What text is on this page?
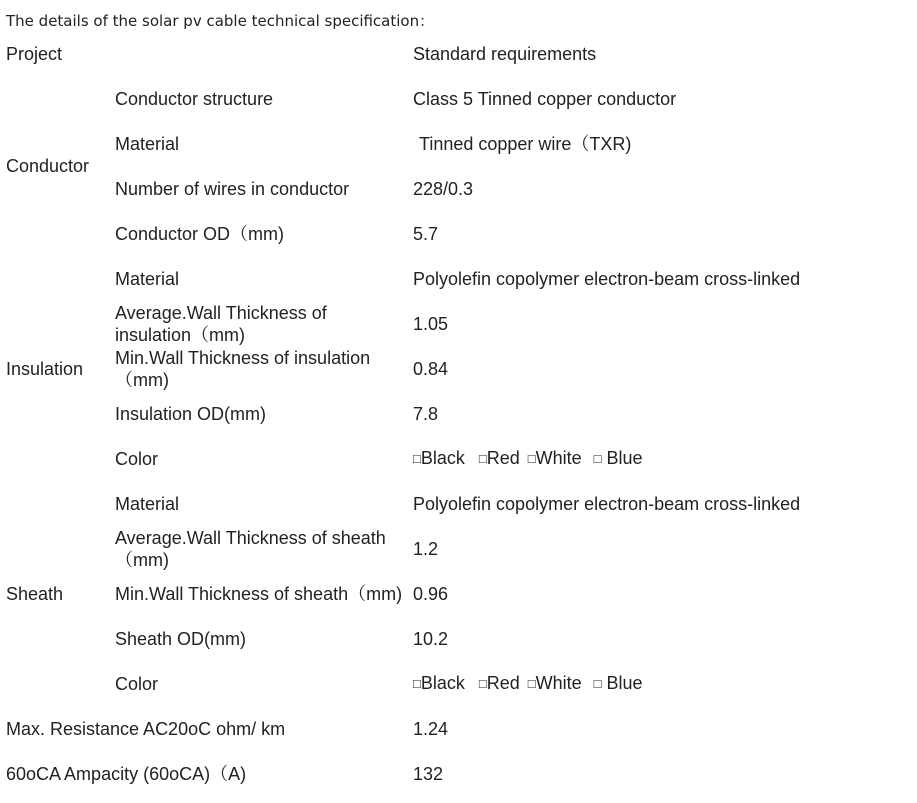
The details of the solar pv cable technical specification：
Project		Standard requirements
Conductor	Conductor structure	Class 5 Tinned copper conductor
	Material	Tinned copper wire（TXR)
	Number of wires in conductor	228/0.3
	Conductor OD（mm)	5.7
Insulation	Material	Polyolefin copolymer electron-beam cross-linked
	Average.Wall Thickness of insulation（mm)	1.05
	Min.Wall Thickness of insulation（mm)	0.84
	Insulation OD(mm)	7.8
	Color	□Black □Red □White □ Blue
Sheath	Material	Polyolefin copolymer electron-beam cross-linked
	Average.Wall Thickness of sheath（mm)	1.2
	Min.Wall Thickness of sheath（mm)	0.96
	Sheath OD(mm)	10.2
	Color	□Black □Red □White □ Blue
Max. Resistance AC20oC ohm/ km		1.24
60oCA Ampacity (60oCA)（A)		132
